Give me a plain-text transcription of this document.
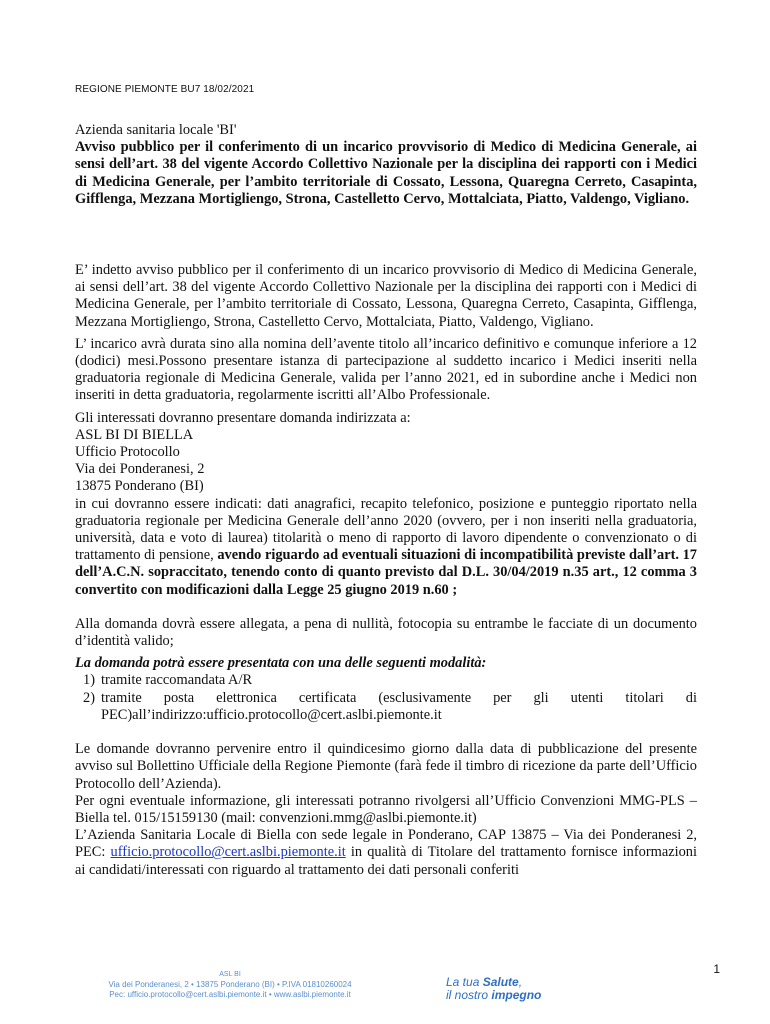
REGIONE PIEMONTE BU7 18/02/2021

Azienda sanitaria locale 'BI'

Avviso pubblico per il conferimento di un incarico provvisorio di Medico di Medicina Generale, ai sensi dell’art. 38 del vigente Accordo Collettivo Nazionale per la disciplina dei rapporti con i Medici di Medicina Generale, per l’ambito territoriale di Cossato, Lessona, Quaregna Cerreto, Casapinta, Gifflenga, Mezzana Mortigliengo, Strona, Castelletto Cervo, Mottalciata, Piatto, Valdengo, Vigliano.

E’ indetto avviso pubblico per il conferimento di un incarico provvisorio di Medico di Medicina Generale, ai sensi dell’art. 38 del vigente Accordo Collettivo Nazionale per la disciplina dei rapporti con i Medici di Medicina Generale, per l’ambito territoriale di Cossato, Lessona, Quaregna Cerreto, Casapinta, Gifflenga, Mezzana Mortigliengo, Strona, Castelletto Cervo, Mottalciata, Piatto, Valdengo, Vigliano.

L’ incarico avrà durata sino alla nomina dell’avente titolo all’incarico definitivo e comunque inferiore a 12 (dodici) mesi.Possono presentare istanza di partecipazione al suddetto incarico i Medici inseriti nella graduatoria regionale di Medicina Generale, valida per l’anno 2021, ed in subordine anche i Medici non inseriti in detta graduatoria, regolarmente iscritti all’Albo Professionale.

Gli interessati dovranno presentare domanda indirizzata a:

ASL BI DI BIELLA

Ufficio Protocollo

Via dei Ponderanesi, 2

13875 Ponderano (BI)

in cui dovranno essere indicati: dati anagrafici, recapito telefonico, posizione e punteggio riportato nella graduatoria regionale per Medicina Generale dell’anno 2020 (ovvero, per i non inseriti nella graduatoria, università, data e voto di laurea) titolarità o meno di rapporto di lavoro dipendente o convenzionato o di trattamento di pensione, avendo riguardo ad eventuali situazioni di incompatibilità previste dall’art. 17 dell’A.C.N. sopraccitato, tenendo conto di quanto previsto dal D.L. 30/04/2019 n.35 art., 12 comma 3 convertito con modificazioni dalla Legge 25 giugno 2019 n.60 ;

Alla domanda dovrà essere allegata, a pena di nullità, fotocopia su entrambe le facciate di un documento d’identità valido;

La domanda potrà essere presentata con una delle seguenti modalità:

1) tramite raccomandata A/R
2) tramite posta elettronica certificata (esclusivamente per gli utenti titolari di PEC)all’indirizzo:ufficio.protocollo@cert.aslbi.piemonte.it

Le domande dovranno pervenire entro il quindicesimo giorno dalla data di pubblicazione del presente avviso sul Bollettino Ufficiale della Regione Piemonte (farà fede il timbro di ricezione da parte dell’Ufficio Protocollo dell’Azienda).

Per ogni eventuale informazione, gli interessati potranno rivolgersi all’Ufficio Convenzioni MMG-PLS – Biella tel. 015/15159130 (mail: convenzioni.mmg@aslbi.piemonte.it)

L’Azienda Sanitaria Locale di Biella con sede legale in Ponderano, CAP 13875 – Via dei Ponderanesi 2, PEC: ufficio.protocollo@cert.aslbi.piemonte.it in qualità di Titolare del trattamento fornisce informazioni ai candidati/interessati con riguardo al trattamento dei dati personali conferiti

1
ASL BI
Via dei Ponderanesi, 2 • 13875 Ponderano (BI) • P.IVA 01810260024
Pec: ufficio.protocollo@cert.aslbi.piemonte.it • www.aslbi.piemonte.it
La tua Salute,
il nostro impegno
